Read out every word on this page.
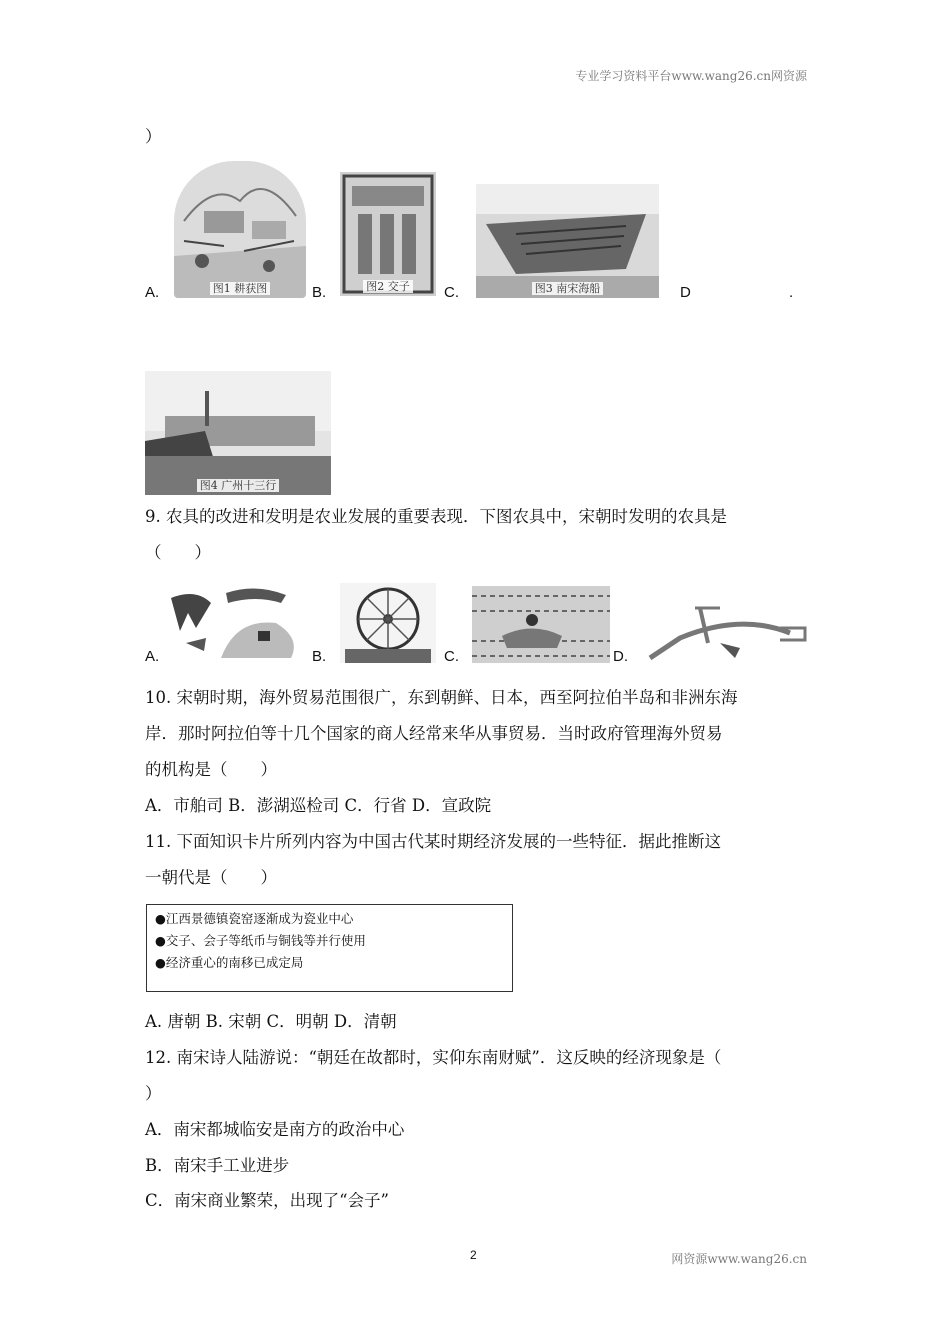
专业学习资料平台www.wang26.cn网资源
）
A.	图1 耕获图	B.	图2 交子	C.	图3 南宋海船	D	.
图4 广州十三行
9. 农具的改进和发明是农业发展的重要表现．下图农具中，宋朝时发明的农具是
（　　）
A.	B.	C.	D.
10. 宋朝时期，海外贸易范围很广，东到朝鲜、日本，西至阿拉伯半岛和非洲东海
岸．那时阿拉伯等十几个国家的商人经常来华从事贸易．当时政府管理海外贸易
的机构是（　　）
A．市舶司 B．澎湖巡检司 C．行省 D．宣政院
11. 下面知识卡片所列内容为中国古代某时期经济发展的一些特征．据此推断这
一朝代是（　　）
●江西景德镇瓷窑逐渐成为瓷业中心
●交子、会子等纸币与铜钱等并行使用
●经济重心的南移已成定局
A. 唐朝 B. 宋朝 C．明朝 D．清朝
12. 南宋诗人陆游说：“朝廷在故都时，实仰东南财赋”．这反映的经济现象是（
）
A．南宋都城临安是南方的政治中心
B．南宋手工业进步
C．南宋商业繁荣，出现了“会子”
2	网资源www.wang26.cn
